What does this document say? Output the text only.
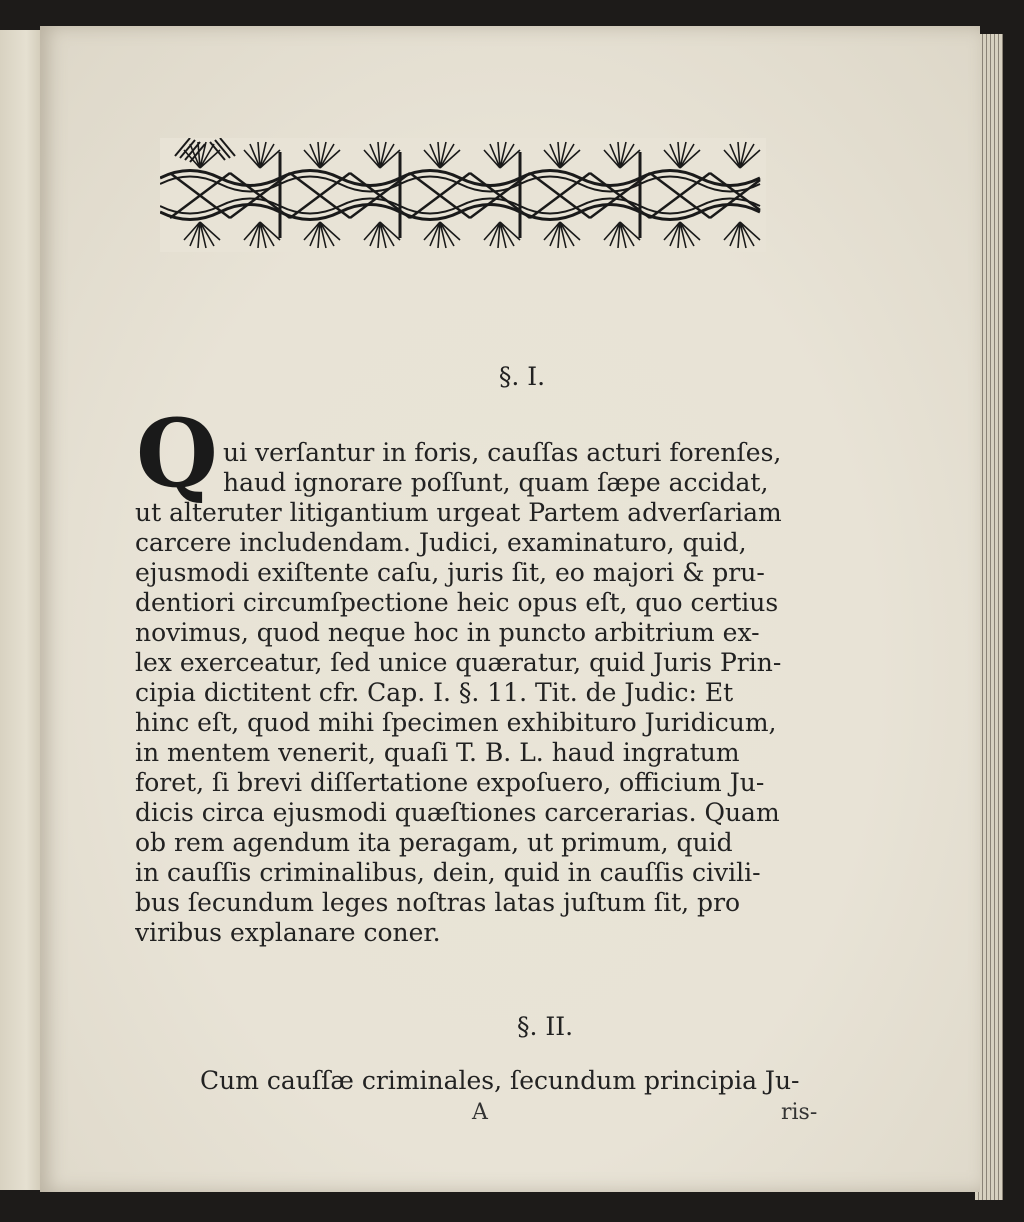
§. I.
Q ui verſantur in foris, cauſſas acturi forenſes,
haud ignorare poſſunt, quam ſæpe accidat,
ut alteruter litigantium urgeat Partem adverſariam
carcere includendam. Judici, examinaturo, quid,
ejusmodi exiſtente caſu, juris ſit, eo majori & pru-
dentiori circumſpectione heic opus eſt, quo certius
novimus, quod neque hoc in puncto arbitrium ex-
lex exerceatur, ſed unice quæratur, quid Juris Prin-
cipia dictitent cfr. Cap. I. §. 11. Tit. de Judic: Et
hinc eſt, quod mihi ſpecimen exhibituro Juridicum,
in mentem venerit, quaſi T. B. L. haud ingratum
foret, ſi brevi diſſertatione expoſuero, officium Ju-
dicis circa ejusmodi quæſtiones carcerarias. Quam
ob rem agendum ita peragam, ut primum, quid
in cauſſis criminalibus, dein, quid in cauſſis civili-
bus ſecundum leges noſtras latas juſtum ſit, pro
viribus explanare coner.
§. II.
Cum cauſſæ criminales, ſecundum principia Ju-
A	ris-
